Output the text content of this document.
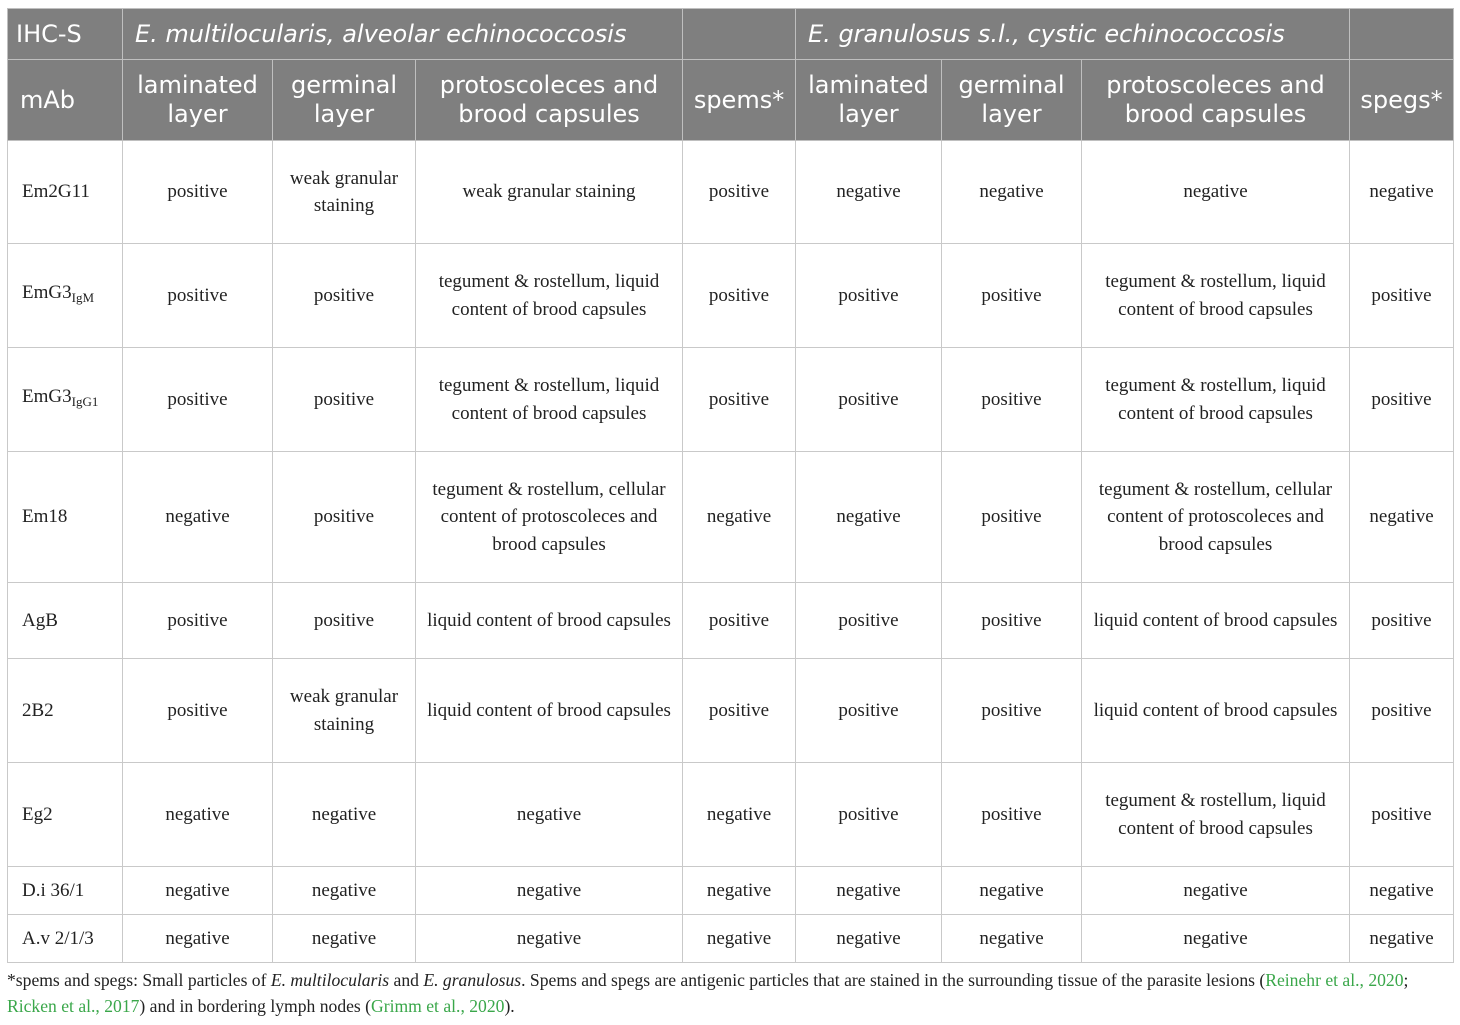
IHC-S	E. multilocularis, alveolar echinococcosis				E. granulosus s.l., cystic echinococcosis			
mAb	laminated layer	germinal layer	protoscoleces and brood capsules	spems*	laminated layer	germinal layer	protoscoleces and brood capsules	spegs*
Em2G11	positive	weak granular staining	weak granular staining	positive	negative	negative	negative	negative
$EmG3_{IgM}$	positive	positive	tegument & rostellum, liquid content of brood capsules	positive	positive	positive	tegument & rostellum, liquid content of brood capsules	positive
$EmG3_{IgG1}$	positive	positive	tegument & rostellum, liquid content of brood capsules	positive	positive	positive	tegument & rostellum, liquid content of brood capsules	positive
Em18	negative	positive	tegument & rostellum, cellular content of protoscoleces and brood capsules	negative	negative	positive	tegument & rostellum, cellular content of protoscoleces and brood capsules	negative
AgB	positive	positive	liquid content of brood capsules	positive	positive	positive	liquid content of brood capsules	positive
2B2	positive	weak granular staining	liquid content of brood capsules	positive	positive	positive	liquid content of brood capsules	positive
Eg2	negative	negative	negative	negative	positive	positive	tegument & rostellum, liquid content of brood capsules	positive
D.i 36/1	negative	negative	negative	negative	negative	negative	negative	negative
A.v 2/1/3	negative	negative	negative	negative	negative	negative	negative	negative
*spems and spegs: Small particles of E. multilocularis and E. granulosus. Spems and spegs are antigenic particles that are stained in the surrounding tissue of the parasite lesions (Reinehr et al., 2020; Ricken et al., 2017) and in bordering lymph nodes (Grimm et al., 2020).
